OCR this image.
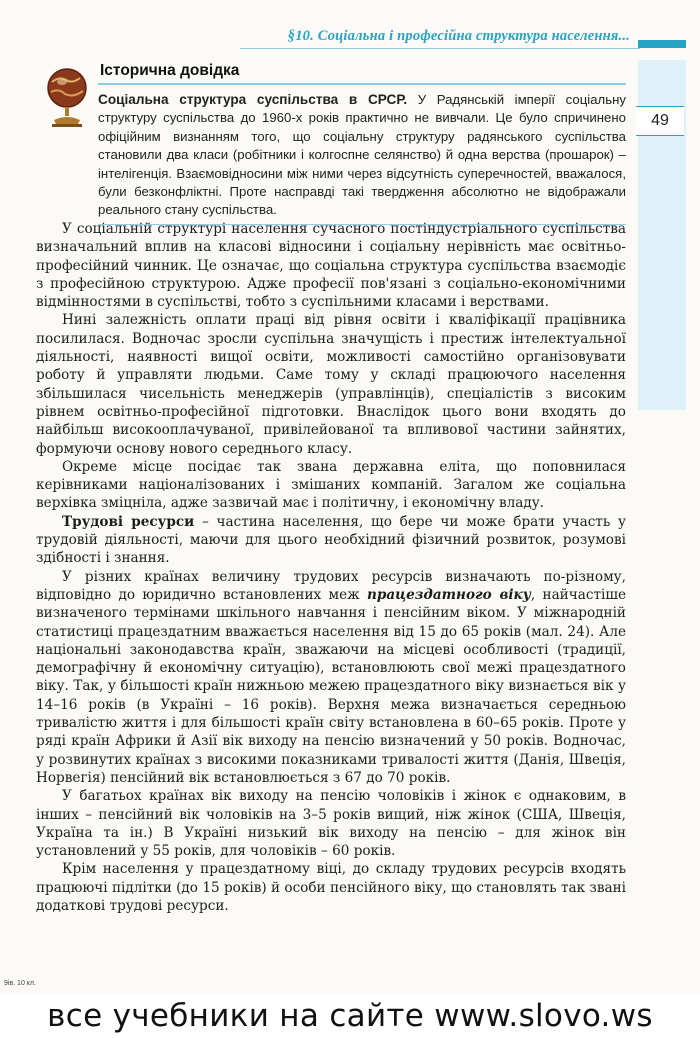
§10. Соціальна і професійна структура населення...
49
Історична довідка

Соціальна структура суспільства в СРСР. У Радянській імперії соціальну структуру суспільства до 1960-х років практично не вивчали. Це було спричинено офіційним визнанням того, що соціальну структуру радянського суспільства становили два класи (робітники і колгоспне селянство) й одна верства (прошарок) – інтелігенція. Взаємовідносини між ними через відсутність суперечностей, вважалося, були безконфліктні. Проте насправді такі твердження абсолютно не відображали реального стану суспільства.

У соціальній структурі населення сучасного постіндустріального суспільства визначальний вплив на класові відносини і соціальну нерівність має освітньо-професійний чинник. Це означає, що соціальна структура суспільства взаємодіє з професійною структурою. Адже професії пов'язані з соціально-економічними відмінностями в суспільстві, тобто з суспільними класами і верствами.

Нині залежність оплати праці від рівня освіти і кваліфікації працівника посилилася. Водночас зросли суспільна значущість і престиж інтелектуальної діяльності, наявності вищої освіти, можливості самостійно організовувати роботу й управляти людьми. Саме тому у складі працюючого населення збільшилася чисельність менеджерів (управлінців), спеціалістів з високим рівнем освітньо-професійної підготовки. Внаслідок цього вони входять до найбільш високооплачуваної, привілейованої та впливової частини зайнятих, формуючи основу нового середнього класу.

Окреме місце посідає так звана державна еліта, що поповнилася керівниками націоналізованих і змішаних компаній. Загалом же соціальна верхівка зміцніла, адже зазвичай має і політичну, і економічну владу.

Трудові ресурси – частина населення, що бере чи може брати участь у трудовій діяльності, маючи для цього необхідний фізичний розвиток, розумові здібності і знання.

У різних країнах величину трудових ресурсів визначають по-різному, відповідно до юридично встановлених меж працездатного віку, найчастіше визначеного термінами шкільного навчання і пенсійним віком. У міжнародній статистиці працездатним вважається населення від 15 до 65 років (мал. 24). Але національні законодавства країн, зважаючи на місцеві особливості (традиції, демографічну й економічну ситуацію), встановлюють свої межі працездатного віку. Так, у більшості країн нижньою межею працездатного віку визнається вік у 14–16 років (в Україні – 16 років). Верхня межа визначається середньою тривалістю життя і для більшості країн світу встановлена в 60–65 років. Проте у ряді країн Африки й Азії вік виходу на пенсію визначений у 50 років. Водночас, у розвинутих країнах з високими показниками тривалості життя (Данія, Швеція, Норвегія) пенсійний вік встановлюється з 67 до 70 років.

У багатьох країнах вік виходу на пенсію чоловіків і жінок є однаковим, в інших – пенсійний вік чоловіків на 3–5 років вищий, ніж жінок (США, Швеція, Україна та ін.) В Україні низький вік виходу на пенсію – для жінок він установлений у 55 років, для чоловіків – 60 років.

Крім населення у працездатному віці, до складу трудових ресурсів входять працюючі підлітки (до 15 років) й особи пенсійного віку, що становлять так звані додаткові трудові ресурси.

9ів. 10 кл.
все учебники на сайте www.slovo.ws
